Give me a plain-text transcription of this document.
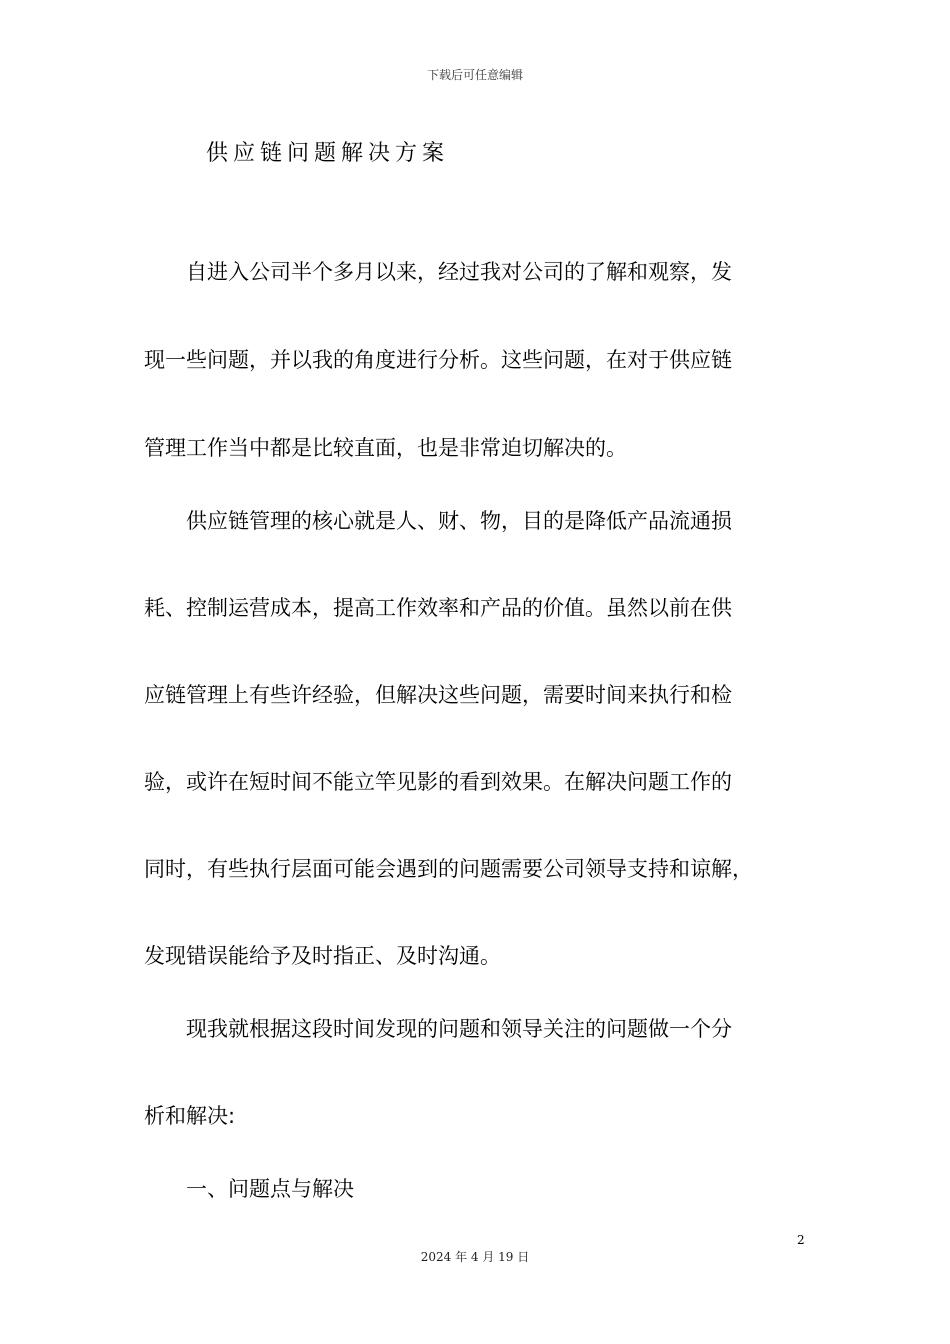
下载后可任意编辑
供应链问题解决方案
自进入公司半个多月以来，经过我对公司的了解和观察，发
现一些问题，并以我的角度进行分析。这些问题，在对于供应链
管理工作当中都是比较直面，也是非常迫切解决的。
供应链管理的核心就是人、财、物，目的是降低产品流通损
耗、控制运营成本，提高工作效率和产品的价值。虽然以前在供
应链管理上有些许经验，但解决这些问题，需要时间来执行和检
验，或许在短时间不能立竿见影的看到效果。在解决问题工作的
同时，有些执行层面可能会遇到的问题需要公司领导支持和谅解，
发现错误能给予及时指正、及时沟通。
现我就根据这段时间发现的问题和领导关注的问题做一个分
析和解决:
一、问题点与解决
2
2024 年 4 月 19 日
